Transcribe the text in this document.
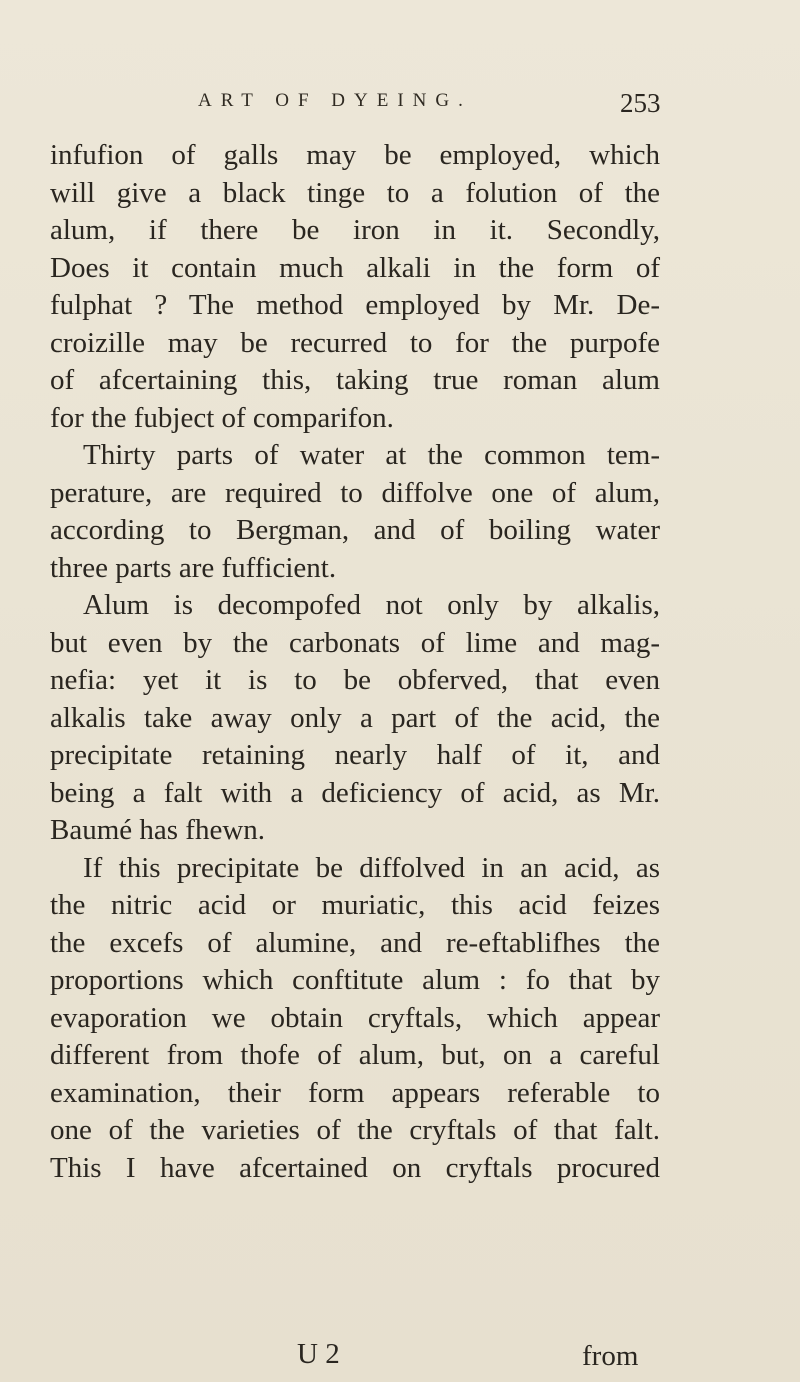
ART OF DYEING.	253
infufion of galls may be employed, which
will give a black tinge to a folution of the
alum, if there be iron in it. Secondly,
Does it contain much alkali in the form of
fulphat ? The method employed by Mr. De-
croizille may be recurred to for the purpofe
of afcertaining this, taking true roman alum
for the fubject of comparifon.
Thirty parts of water at the common tem-
perature, are required to diffolve one of alum,
according to Bergman, and of boiling water
three parts are fufficient.
Alum is decompofed not only by alkalis,
but even by the carbonats of lime and mag-
nefia: yet it is to be obferved, that even
alkalis take away only a part of the acid, the
precipitate retaining nearly half of it, and
being a falt with a deficiency of acid, as Mr.
Baumé has fhewn.
If this precipitate be diffolved in an acid, as
the nitric acid or muriatic, this acid feizes
the excefs of alumine, and re-eftablifhes the
proportions which conftitute alum : fo that by
evaporation we obtain cryftals, which appear
different from thofe of alum, but, on a careful
examination, their form appears referable to
one of the varieties of the cryftals of that falt.
This I have afcertained on cryftals procured
U 2	from
